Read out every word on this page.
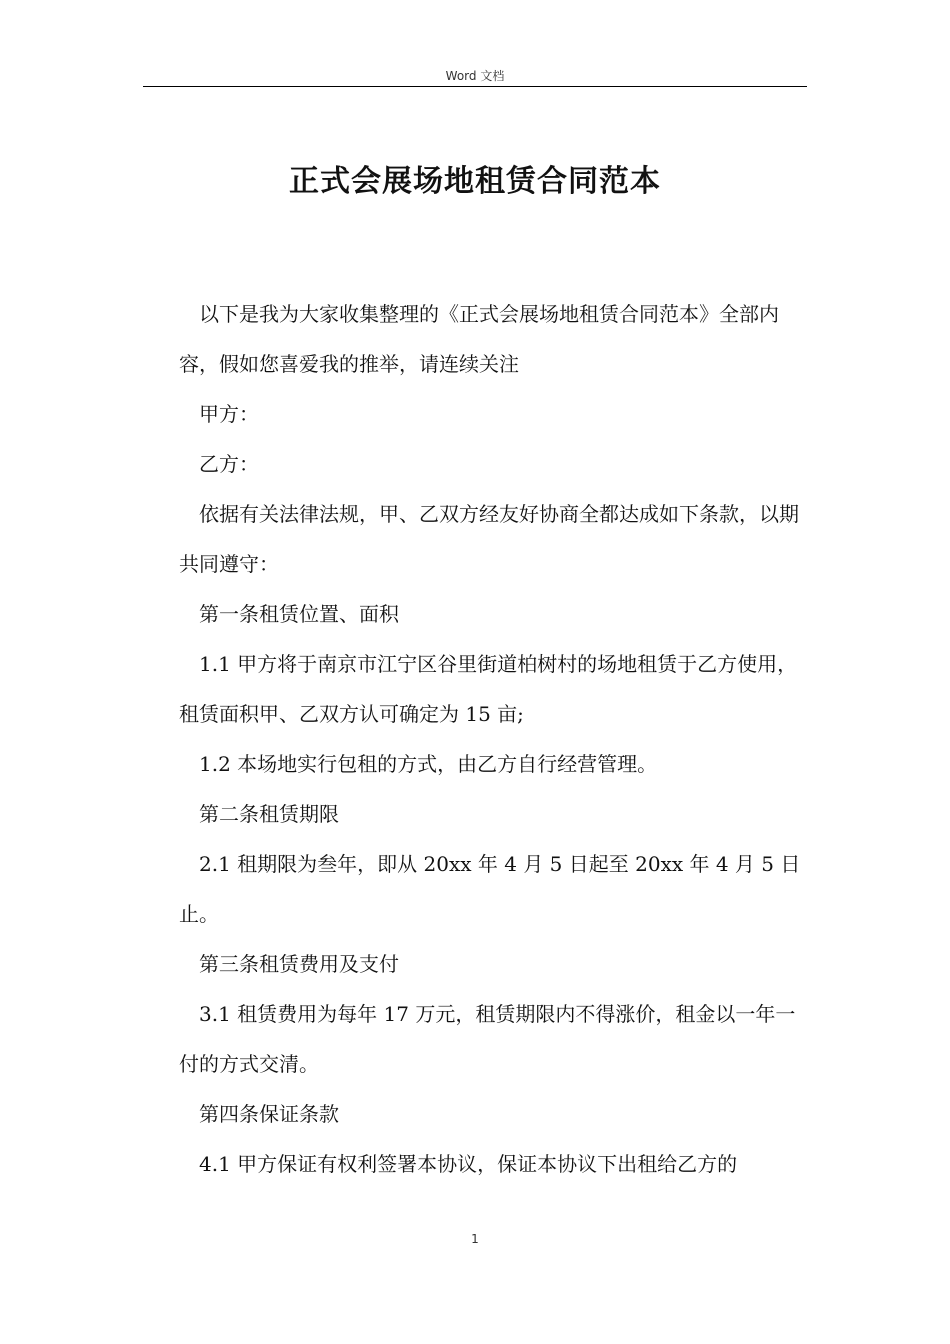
Word 文档
正式会展场地租赁合同范本

以下是我为大家收集整理的《正式会展场地租赁合同范本》全部内容，假如您喜爱我的推举，请连续关注

甲方：

乙方：

依据有关法律法规，甲、乙双方经友好协商全都达成如下条款，以期共同遵守：

第一条租赁位置、面积

1.1 甲方将于南京市江宁区谷里街道柏树村的场地租赁于乙方使用，租赁面积甲、乙双方认可确定为 15 亩;

1.2 本场地实行包租的方式，由乙方自行经营管理。

第二条租赁期限

2.1 租期限为叁年，即从 20xx 年 4 月 5 日起至 20xx 年 4 月 5 日止。

第三条租赁费用及支付

3.1 租赁费用为每年 17 万元，租赁期限内不得涨价，租金以一年一付的方式交清。

第四条保证条款

4.1 甲方保证有权利签署本协议，保证本协议下出租给乙方的

1
